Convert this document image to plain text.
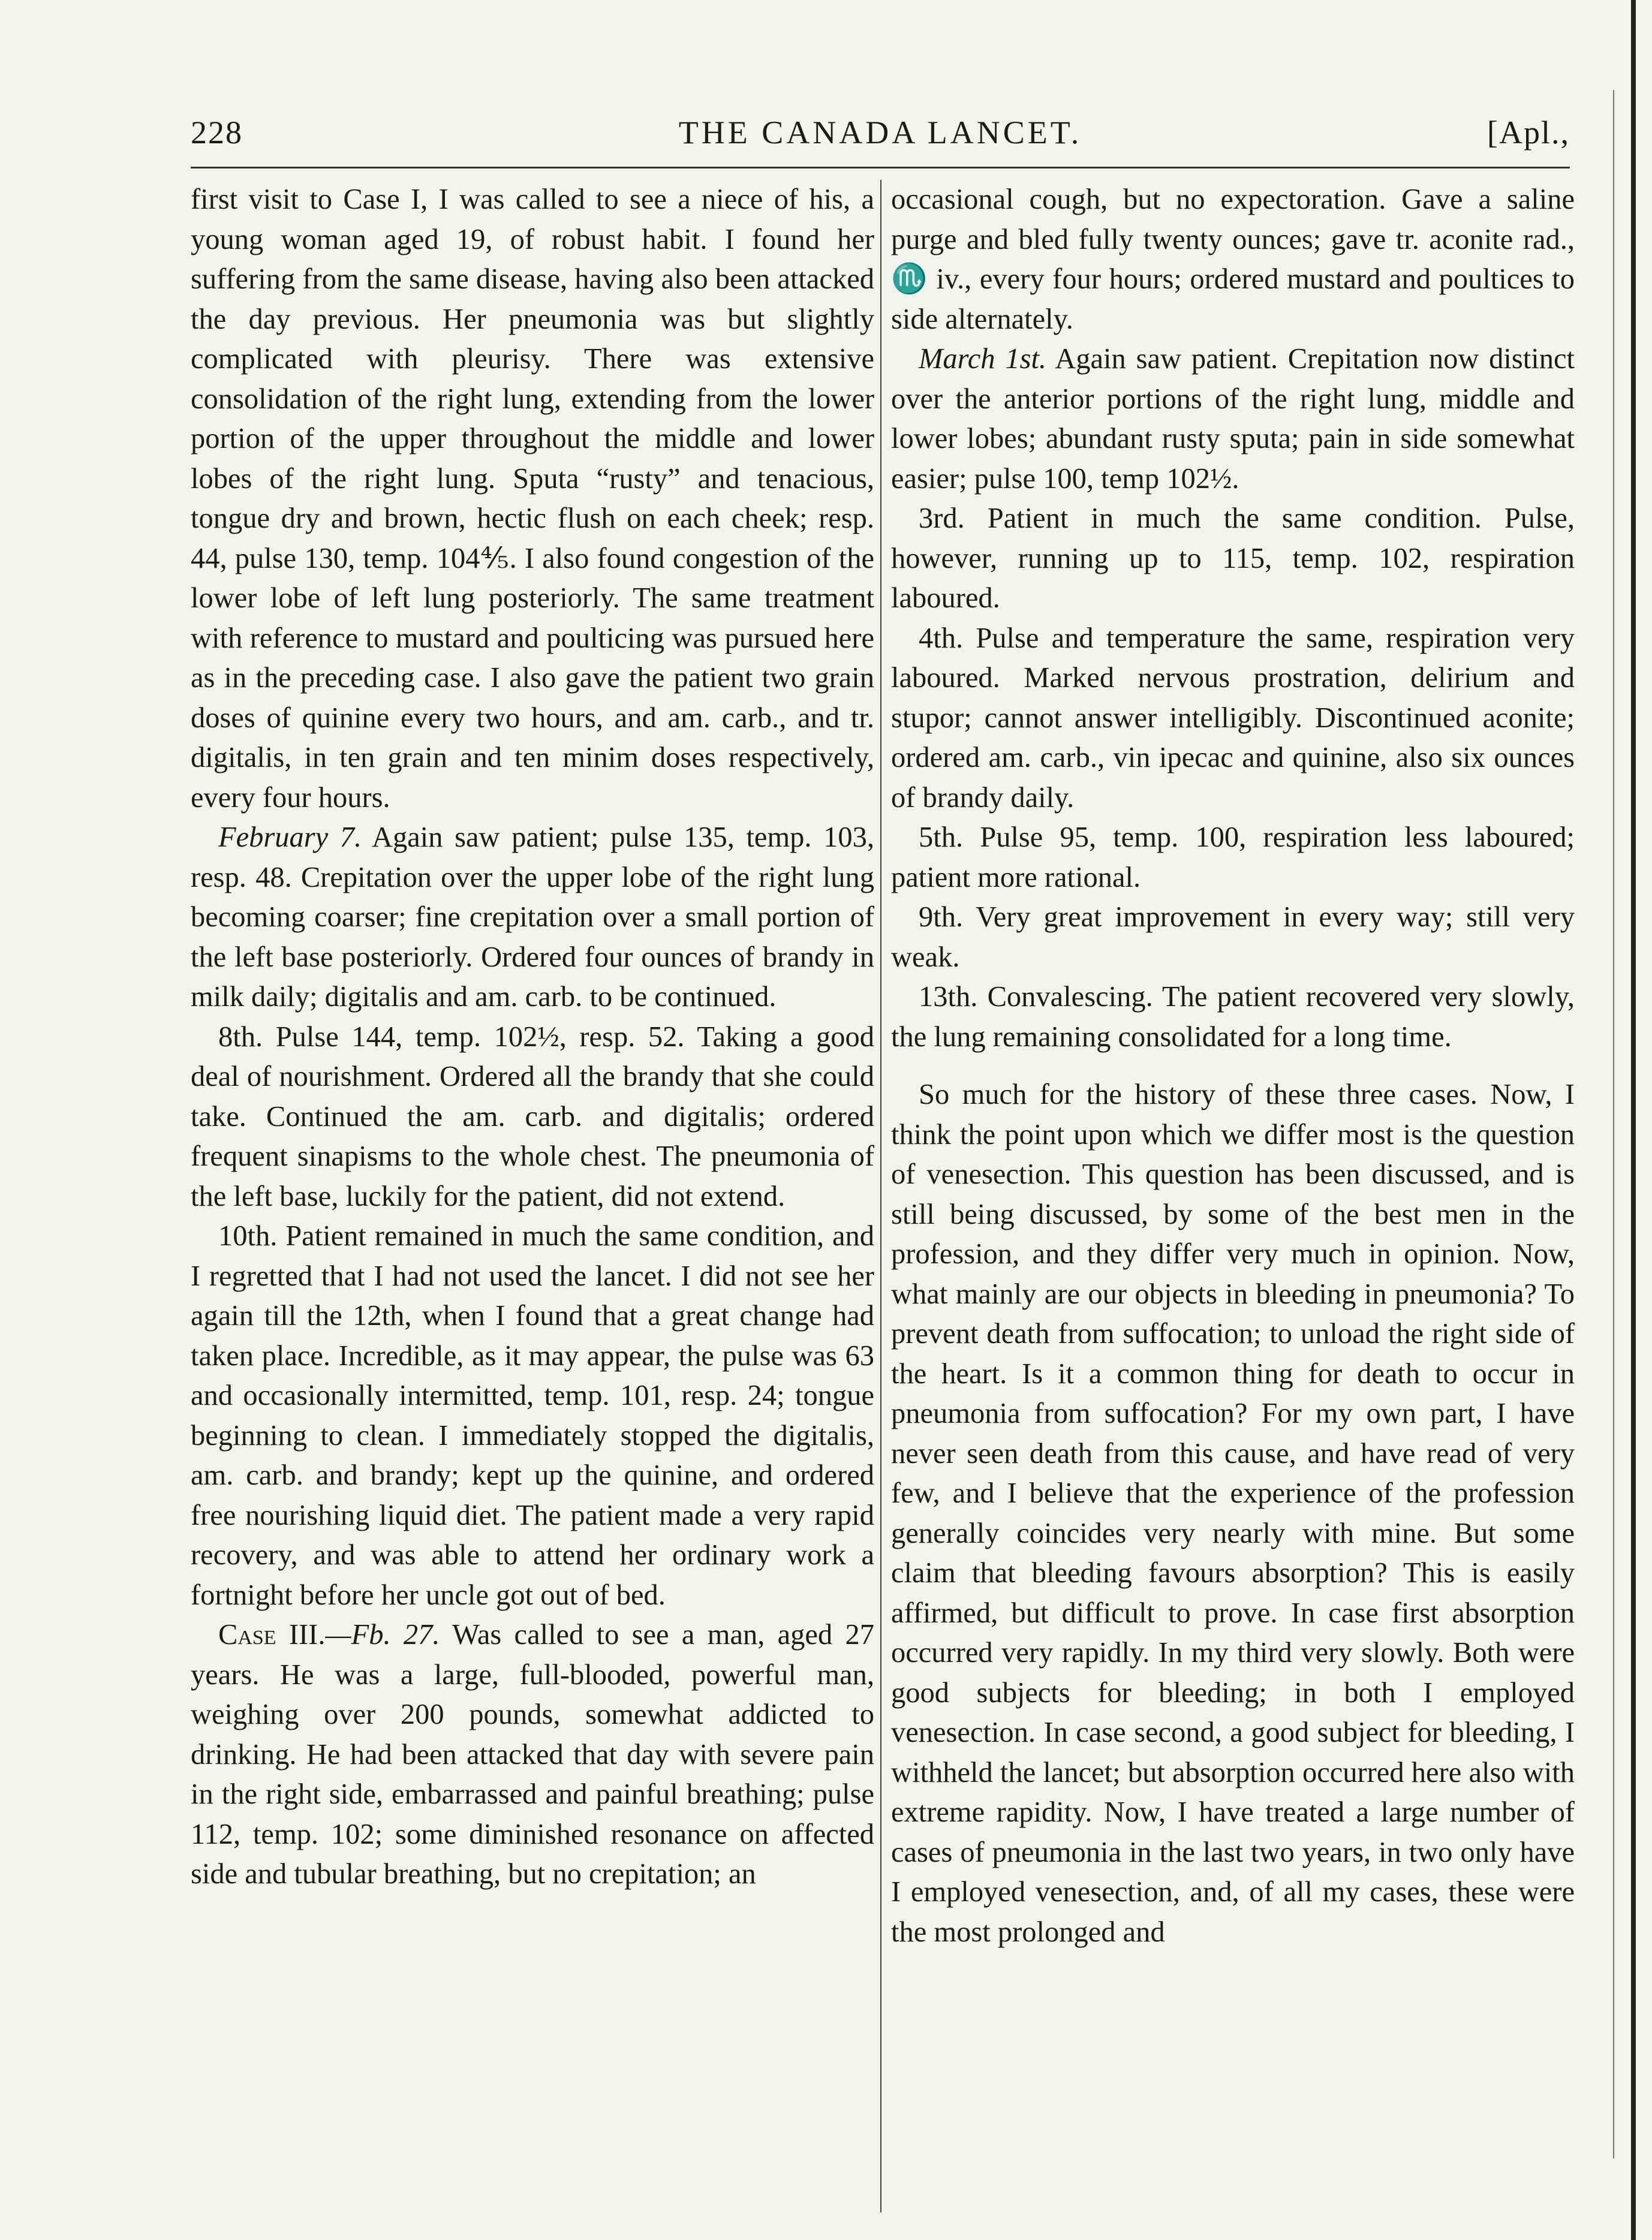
228	THE CANADA LANCET.	[Apl.,

first visit to Case I, I was called to see a niece of his, a young woman aged 19, of robust habit. I found her suffering from the same disease, having also been attacked the day previous. Her pneumonia was but slightly complicated with pleurisy. There was extensive consolidation of the right lung, extending from the lower portion of the upper throughout the middle and lower lobes of the right lung. Sputa “rusty” and tenacious, tongue dry and brown, hectic flush on each cheek; resp. 44, pulse 130, temp. 104⅘. I also found congestion of the lower lobe of left lung posteriorly. The same treatment with reference to mustard and poulticing was pursued here as in the preceding case. I also gave the patient two grain doses of quinine every two hours, and am. carb., and tr. digitalis, in ten grain and ten minim doses respectively, every four hours.

February 7. Again saw patient; pulse 135, temp. 103, resp. 48. Crepitation over the upper lobe of the right lung becoming coarser; fine crepitation over a small portion of the left base posteriorly. Ordered four ounces of brandy in milk daily; digitalis and am. carb. to be continued.

8th. Pulse 144, temp. 102½, resp. 52. Taking a good deal of nourishment. Ordered all the brandy that she could take. Continued the am. carb. and digitalis; ordered frequent sinapisms to the whole chest. The pneumonia of the left base, luckily for the patient, did not extend.

10th. Patient remained in much the same condition, and I regretted that I had not used the lancet. I did not see her again till the 12th, when I found that a great change had taken place. Incredible, as it may appear, the pulse was 63 and occasionally intermitted, temp. 101, resp. 24; tongue beginning to clean. I immediately stopped the digitalis, am. carb. and brandy; kept up the quinine, and ordered free nourishing liquid diet. The patient made a very rapid recovery, and was able to attend her ordinary work a fortnight before her uncle got out of bed.

Case III.—Fb. 27. Was called to see a man, aged 27 years. He was a large, full-blooded, powerful man, weighing over 200 pounds, somewhat addicted to drinking. He had been attacked that day with severe pain in the right side, embarrassed and painful breathing; pulse 112, temp. 102; some diminished resonance on affected side and tubular breathing, but no crepitation; an

occasional cough, but no expectoration. Gave a saline purge and bled fully twenty ounces; gave tr. aconite rad., ♏ iv., every four hours; ordered mustard and poultices to side alternately.

March 1st. Again saw patient. Crepitation now distinct over the anterior portions of the right lung, middle and lower lobes; abundant rusty sputa; pain in side somewhat easier; pulse 100, temp 102½.

3rd. Patient in much the same condition. Pulse, however, running up to 115, temp. 102, respiration laboured.

4th. Pulse and temperature the same, respiration very laboured. Marked nervous prostration, delirium and stupor; cannot answer intelligibly. Discontinued aconite; ordered am. carb., vin ipecac and quinine, also six ounces of brandy daily.

5th. Pulse 95, temp. 100, respiration less laboured; patient more rational.

9th. Very great improvement in every way; still very weak.

13th. Convalescing. The patient recovered very slowly, the lung remaining consolidated for a long time.

So much for the history of these three cases. Now, I think the point upon which we differ most is the question of venesection. This question has been discussed, and is still being discussed, by some of the best men in the profession, and they differ very much in opinion. Now, what mainly are our objects in bleeding in pneumonia? To prevent death from suffocation; to unload the right side of the heart. Is it a common thing for death to occur in pneumonia from suffocation? For my own part, I have never seen death from this cause, and have read of very few, and I believe that the experience of the profession generally coincides very nearly with mine. But some claim that bleeding favours absorption? This is easily affirmed, but difficult to prove. In case first absorption occurred very rapidly. In my third very slowly. Both were good subjects for bleeding; in both I employed venesection. In case second, a good subject for bleeding, I withheld the lancet; but absorption occurred here also with extreme rapidity. Now, I have treated a large number of cases of pneumonia in the last two years, in two only have I employed venesection, and, of all my cases, these were the most prolonged and
